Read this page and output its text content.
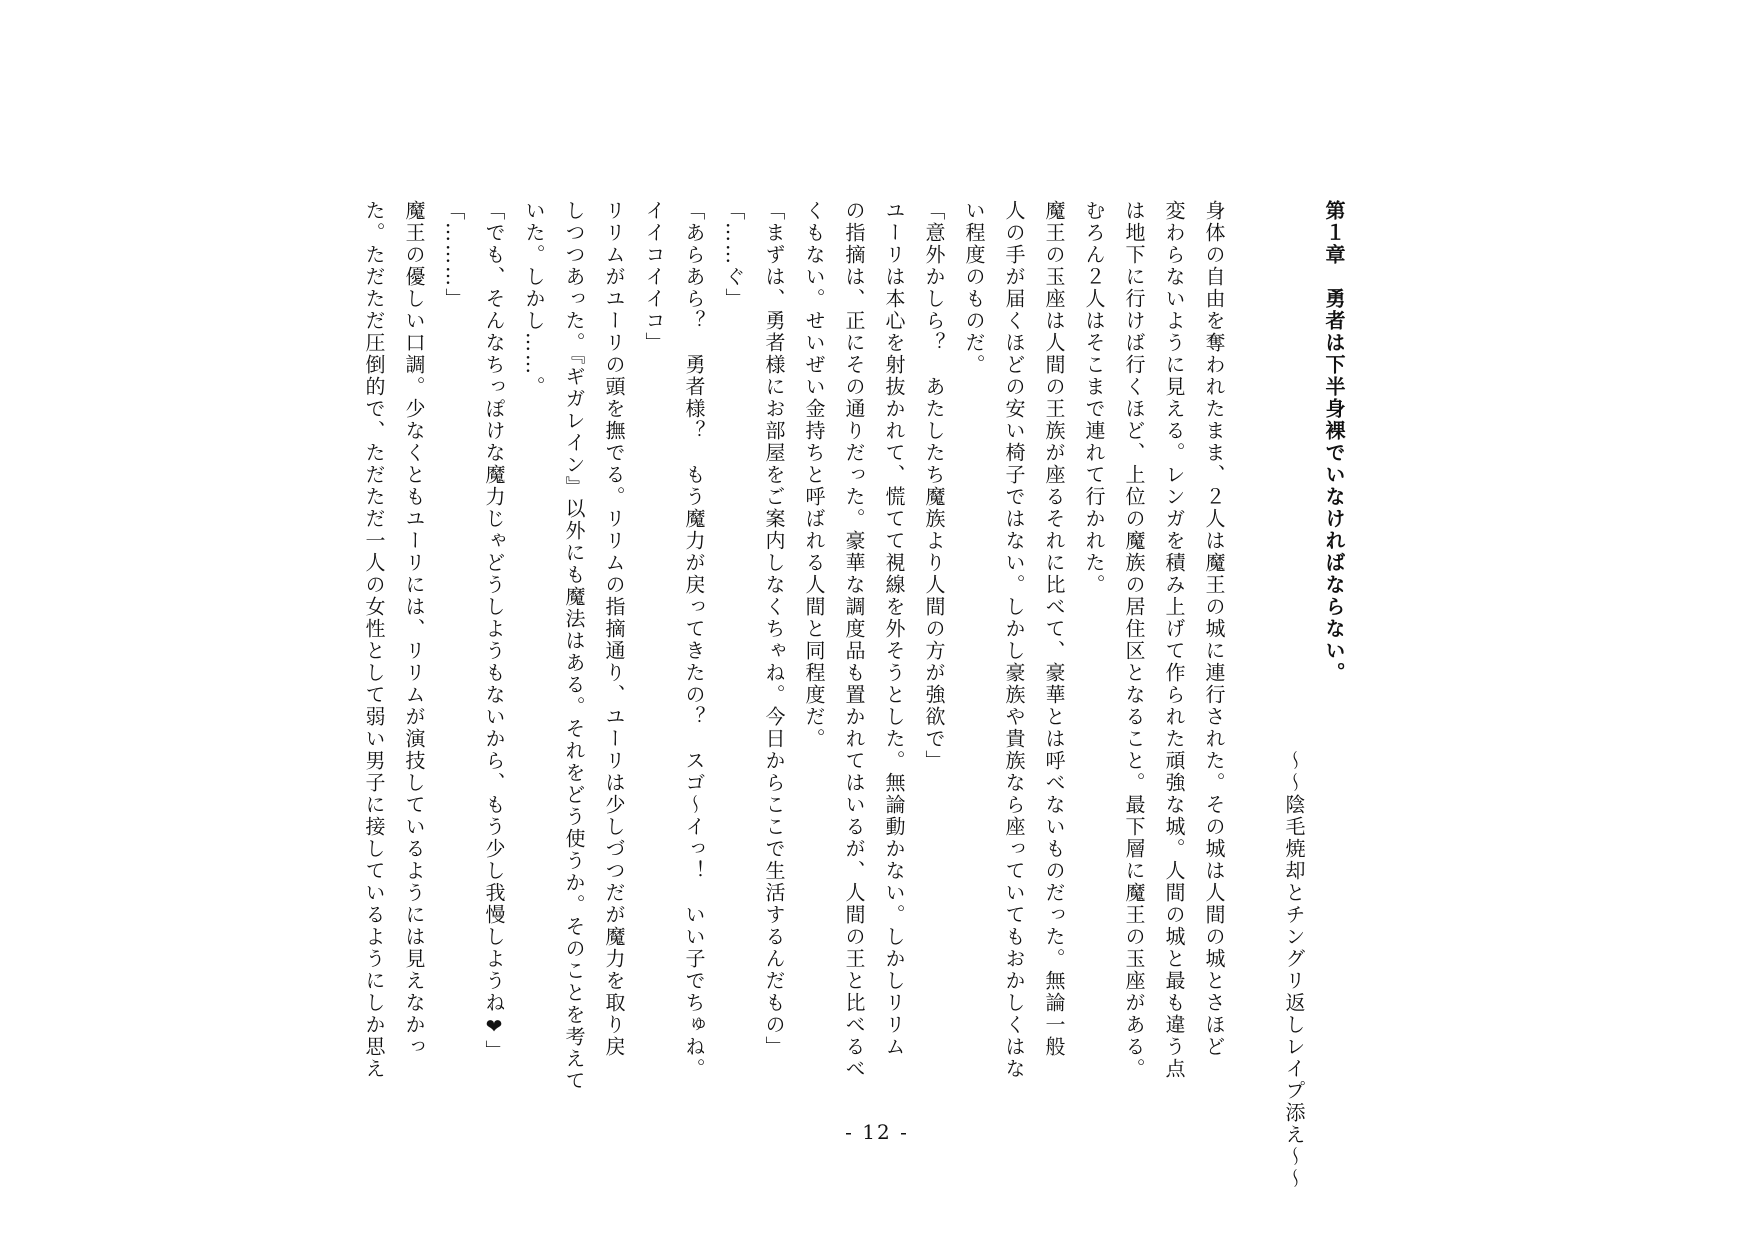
第１章　勇者は下半身裸でいなければならない。
〜〜陰毛焼却とチングリ返しレイプ添え〜〜
身体の自由を奪われたまま、２人は魔王の城に連行された。その城は人間の城とさほど
変わらないように見える。レンガを積み上げて作られた頑強な城。人間の城と最も違う点
は地下に行けば行くほど、上位の魔族の居住区となること。最下層に魔王の玉座がある。
むろん２人はそこまで連れて行かれた。
魔王の玉座は人間の王族が座るそれに比べて、豪華とは呼べないものだった。無論一般
人の手が届くほどの安い椅子ではない。しかし豪族や貴族なら座っていてもおかしくはな
い程度のものだ。
「意外かしら？　あたしたち魔族より人間の方が強欲で」
ユーリは本心を射抜かれて、慌てて視線を外そうとした。無論動かない。しかしリリム
の指摘は、正にその通りだった。豪華な調度品も置かれてはいるが、人間の王と比べるべ
くもない。せいぜい金持ちと呼ばれる人間と同程度だ。
「まずは、勇者様にお部屋をご案内しなくちゃね。今日からここで生活するんだもの」
「……ぐ」
「あらあら？　勇者様？　もう魔力が戻ってきたの？　スゴ〜イっ！　いい子でちゅね。
イイコイイコ」
リリムがユーリの頭を撫でる。リリムの指摘通り、ユーリは少しづつだが魔力を取り戻
しつつあった。『ギガレイン』以外にも魔法はある。それをどう使うか。そのことを考えて
いた。しかし……。
「でも、そんなちっぽけな魔力じゃどうしようもないから、もう少し我慢しようね❤」
「………」
魔王の優しい口調。少なくともユーリには、リリムが演技しているようには見えなかっ
た。ただただ圧倒的で、ただただ一人の女性として弱い男子に接しているようにしか思え
- 12 -
